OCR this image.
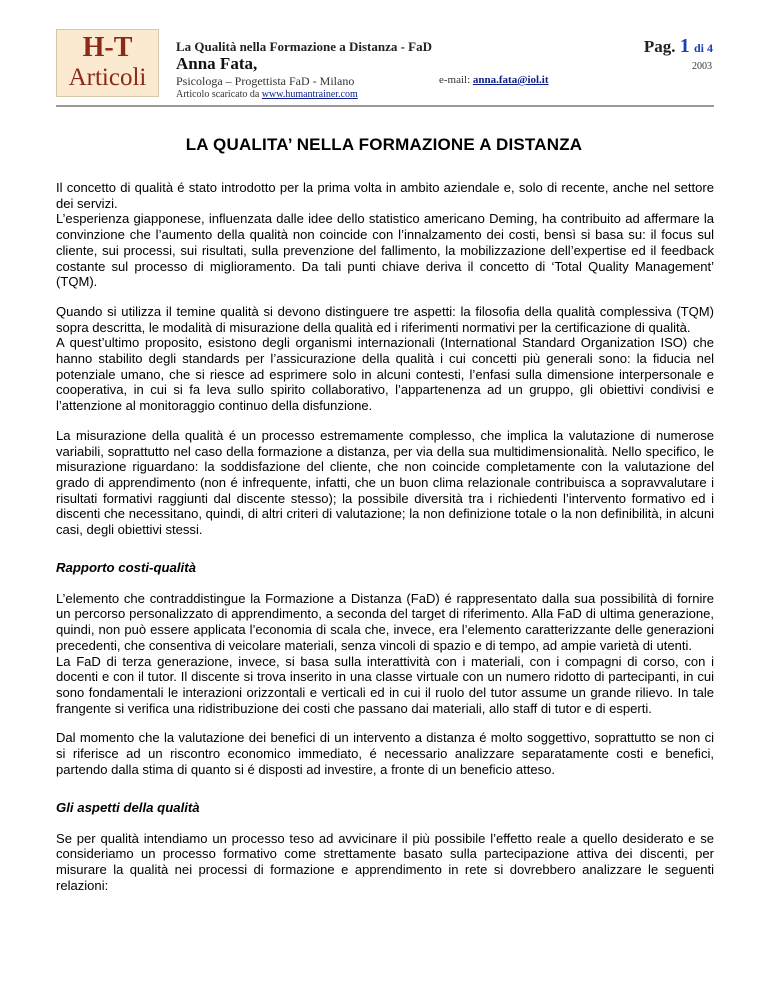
H-T
Articoli
La Qualità nella Formazione a Distanza - FaD
Anna Fata,
Psicologa – Progettista FaD - Milano	e-mail: anna.fata@iol.it
Articolo scaricato da www.humantrainer.com
Pag. 1 di 4
2003
LA QUALITA’ NELLA FORMAZIONE A DISTANZA

Il concetto di qualità é stato introdotto per la prima volta in ambito aziendale e, solo di recente, anche nel settore dei servizi.

L’esperienza giapponese, influenzata dalle idee dello statistico americano Deming, ha contribuito ad affermare la convinzione che l’aumento della qualità non coincide con l’innalzamento dei costi, bensì si basa su: il focus sul cliente, sui processi, sui risultati, sulla prevenzione del fallimento, la mobilizzazione dell’expertise ed il feedback costante sul processo di miglioramento. Da tali punti chiave deriva il concetto di ‘Total Quality Management’ (TQM).

Quando si utilizza il temine qualità si devono distinguere tre aspetti: la filosofia della qualità complessiva (TQM) sopra descritta, le modalità di misurazione della qualità ed i riferimenti normativi per la certificazione di qualità.

A quest’ultimo proposito, esistono degli organismi internazionali (International Standard Organization ISO) che hanno stabilito degli standards per l’assicurazione della qualità i cui concetti più generali sono: la fiducia nel potenziale umano, che si riesce ad esprimere solo in alcuni contesti, l’enfasi sulla dimensione interpersonale e cooperativa, in cui si fa leva sullo spirito collaborativo, l’appartenenza ad un gruppo, gli obiettivi condivisi e l’attenzione al monitoraggio continuo della disfunzione.

La misurazione della qualità é un processo estremamente complesso, che implica la valutazione di numerose variabili, soprattutto nel caso della formazione a distanza, per via della sua multidimensionalità. Nello specifico, le misurazione riguardano: la soddisfazione del cliente, che non coincide completamente con la valutazione del grado di apprendimento (non é infrequente, infatti, che un buon clima relazionale contribuisca a sopravvalutare i risultati formativi raggiunti dal discente stesso); la possibile diversità tra i richiedenti l’intervento formativo ed i discenti che necessitano, quindi, di altri criteri di valutazione; la non definizione totale o la non definibilità, in alcuni casi, degli obiettivi stessi.

Rapporto costi-qualità

L’elemento che contraddistingue la Formazione a Distanza (FaD) é rappresentato dalla sua possibilità di fornire un percorso personalizzato di apprendimento, a seconda del target di riferimento. Alla FaD di ultima generazione, quindi, non può essere applicata l’economia di scala che, invece, era l’elemento caratterizzante delle generazioni precedenti, che consentiva di veicolare materiali, senza vincoli di spazio e di tempo, ad ampie varietà di utenti.

La FaD di terza generazione, invece, si basa sulla interattività con i materiali, con i compagni di corso, con i docenti e con il tutor. Il discente si trova inserito in una classe virtuale con un numero ridotto di partecipanti, in cui sono fondamentali le interazioni orizzontali e verticali ed in cui il ruolo del tutor assume un grande rilievo. In tale frangente si verifica una ridistribuzione dei costi che passano dai materiali, allo staff di tutor e di esperti.

Dal momento che la valutazione dei benefici di un intervento a distanza é molto soggettivo, soprattutto se non ci si riferisce ad un riscontro economico immediato, é necessario analizzare separatamente costi e benefici, partendo dalla stima di quanto si é disposti ad investire, a fronte di un beneficio atteso.

Gli aspetti della qualità

Se per qualità intendiamo un processo teso ad avvicinare il più possibile l’effetto reale a quello desiderato e se consideriamo un processo formativo come strettamente basato sulla partecipazione attiva dei discenti, per misurare la qualità nei processi di formazione e apprendimento in rete si dovrebbero analizzare le seguenti relazioni:
